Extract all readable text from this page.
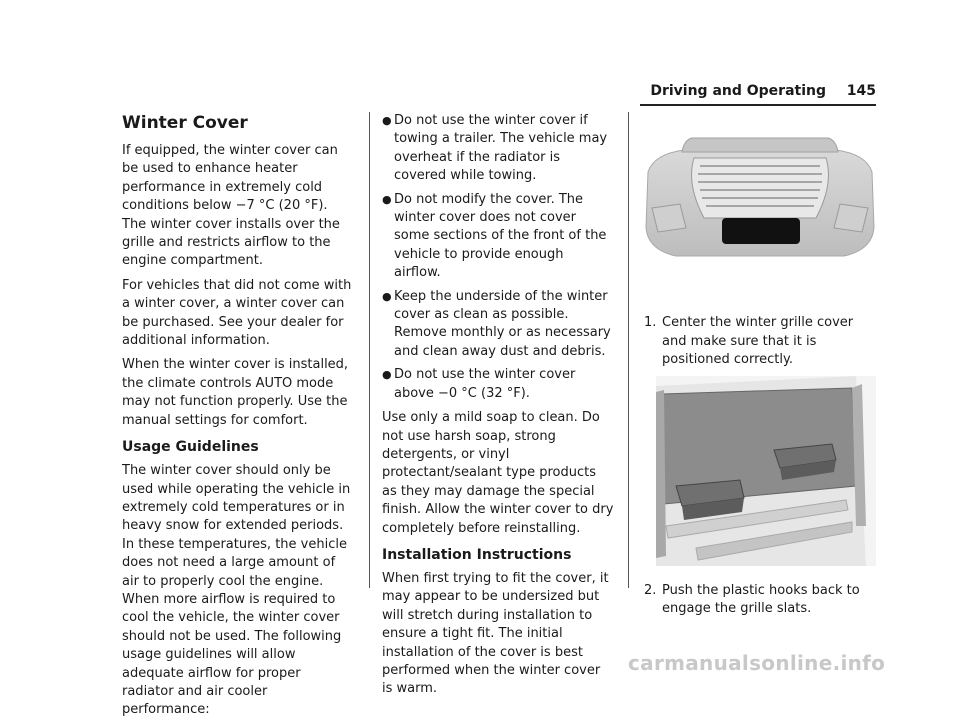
Driving and Operating 145
Winter Cover

If equipped, the winter cover can be used to enhance heater performance in extremely cold conditions below −7 °C (20 °F). The winter cover installs over the grille and restricts airflow to the engine compartment.

For vehicles that did not come with a winter cover, a winter cover can be purchased. See your dealer for additional information.

When the winter cover is installed, the climate controls AUTO mode may not function properly. Use the manual settings for comfort.

Usage Guidelines

The winter cover should only be used while operating the vehicle in extremely cold temperatures or in heavy snow for extended periods. In these temperatures, the vehicle does not need a large amount of air to properly cool the engine. When more airflow is required to cool the vehicle, the winter cover should not be used. The following usage guidelines will allow adequate airflow for proper radiator and air cooler performance:

● Do not use the winter cover if towing a trailer. The vehicle may overheat if the radiator is covered while towing.
● Do not modify the cover. The winter cover does not cover some sections of the front of the vehicle to provide enough airflow.
● Keep the underside of the winter cover as clean as possible. Remove monthly or as necessary and clean away dust and debris.
● Do not use the winter cover above −0 °C (32 °F).

Use only a mild soap to clean. Do not use harsh soap, strong detergents, or vinyl protectant/sealant type products as they may damage the special finish. Allow the winter cover to dry completely before reinstalling.

Installation Instructions

When first trying to fit the cover, it may appear to be undersized but will stretch during installation to ensure a tight fit. The initial installation of the cover is best performed when the winter cover is warm.

1. Center the winter grille cover and make sure that it is positioned correctly.
2. Push the plastic hooks back to engage the grille slats.
carmanualsonline.info
